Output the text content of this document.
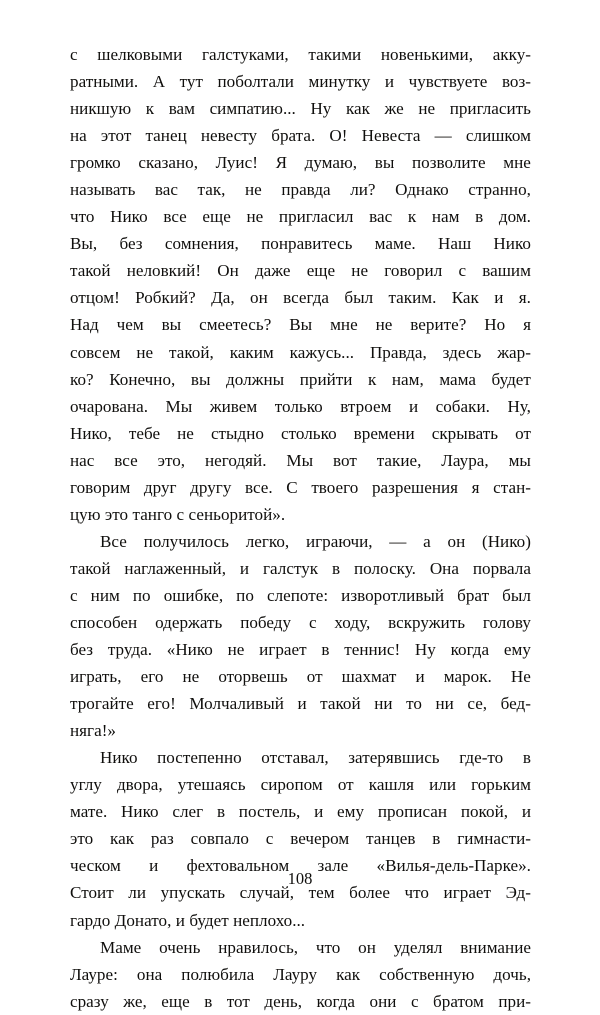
с шелковыми галстуками, такими новенькими, акку-
ратными. А тут поболтали минутку и чувствуете воз-
никшую к вам симпатию... Ну как же не пригласить
на этот танец невесту брата. О! Невеста — слишком
громко сказано, Луис! Я думаю, вы позволите мне
называть вас так, не правда ли? Однако странно,
что Нико все еще не пригласил вас к нам в дом.
Вы, без сомнения, понравитесь маме. Наш Нико
такой неловкий! Он даже еще не говорил с вашим
отцом! Робкий? Да, он всегда был таким. Как и я.
Над чем вы смеетесь? Вы мне не верите? Но я
совсем не такой, каким кажусь... Правда, здесь жар-
ко? Конечно, вы должны прийти к нам, мама будет
очарована. Мы живем только втроем и собаки. Ну,
Нико, тебе не стыдно столько времени скрывать от
нас все это, негодяй. Мы вот такие, Лаура, мы
говорим друг другу все. С твоего разрешения я стан-
цую это танго с сеньоритой».

Все получилось легко, играючи, — а он (Нико)
такой наглаженный, и галстук в полоску. Она порвала
с ним по ошибке, по слепоте: изворотливый брат был
способен одержать победу с ходу, вскружить голову
без труда. «Нико не играет в теннис! Ну когда ему
играть, его не оторвешь от шахмат и марок. Не
трогайте его! Молчаливый и такой ни то ни се, бед-
няга!»

Нико постепенно отставал, затерявшись где-то в
углу двора, утешаясь сиропом от кашля или горьким
мате. Нико слег в постель, и ему прописан покой, и
это как раз совпало с вечером танцев в гимнасти-
ческом и фехтовальном зале «Вилья-дель-Парке».
Стоит ли упускать случай, тем более что играет Эд-
гардо Донато, и будет неплохо...

Маме очень нравилось, что он уделял внимание
Лауре: она полюбила Лауру как собственную дочь,
сразу же, еще в тот день, когда они с братом при-

108
